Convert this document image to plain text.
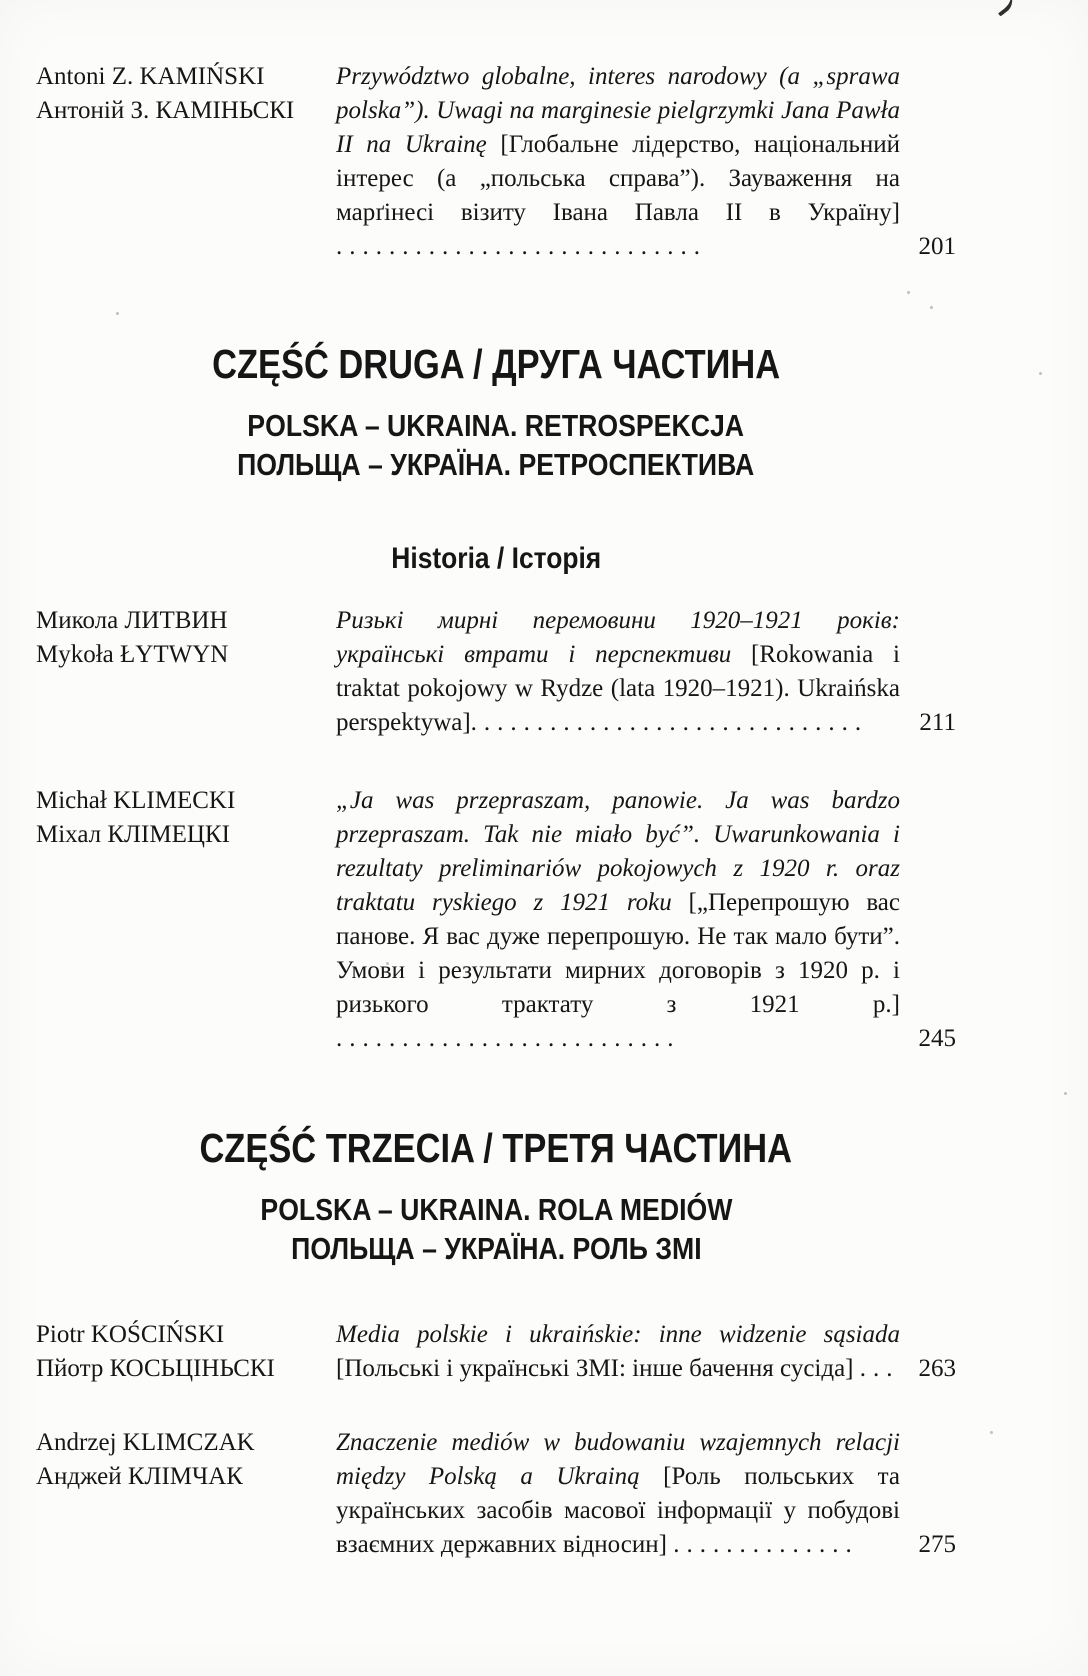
Antoni Z. KAMIŃSKI
Антоній З. КАМІНЬСКІ
Przywództwo globalne, interes narodowy (a „sprawa polska”). Uwagi na marginesie pielgrzymki Jana Pawła II na Ukrainę [Глобальне лідерство, національний інтерес (а „польська справа”). Зауваження на марґінесі візиту Івана Павла II в Україну] ............................	201
CZĘŚĆ DRUGA / ДРУГА ЧАСТИНА
POLSKA – UKRAINA. RETROSPEKCJA
ПОЛЬЩА – УКРАЇНА. РЕТРОСПЕКТИВА
Historia / Історія
Микола ЛИТВИН
Mykoła ŁYTWYN
Ризькі мирні перемовини 1920–1921 років: українські втрати і перспективи [Rokowania i traktat pokojowy w Rydze (lata 1920–1921). Ukraińska perspektywa]..............................	211
Michał KLIMECKI
Міхал КЛІМЕЦКІ
„Ja was przepraszam, panowie. Ja was bardzo przepraszam. Tak nie miało być”. Uwarunkowania i rezultaty preliminariów pokojowych z 1920 r. oraz traktatu ryskiego z 1921 roku [„Перепрошую вас панове. Я вас дуже перепрошую. Не так мало бути”. Умови і результати мирних договорів з 1920 р. і ризького трактату з 1921 р.] ..........................	245
CZĘŚĆ TRZECIA / ТРЕТЯ ЧАСТИНА
POLSKA – UKRAINA. ROLA MEDIÓW
ПОЛЬЩА – УКРАЇНА. РОЛЬ ЗМІ
Piotr KOŚCIŃSKI
Пйотр КОСЬЦІНЬСКІ
Media polskie i ukraińskie: inne widzenie sąsiada [Польські і українські ЗМІ: інше бачення сусіда] ... 263
Andrzej KLIMCZAK
Анджей КЛІМЧАК
Znaczenie mediów w budowaniu wzajemnych relacji między Polską a Ukrainą [Роль польських та українських засобів масової інформації у побудові взаємних державних відносин] ..............	275
